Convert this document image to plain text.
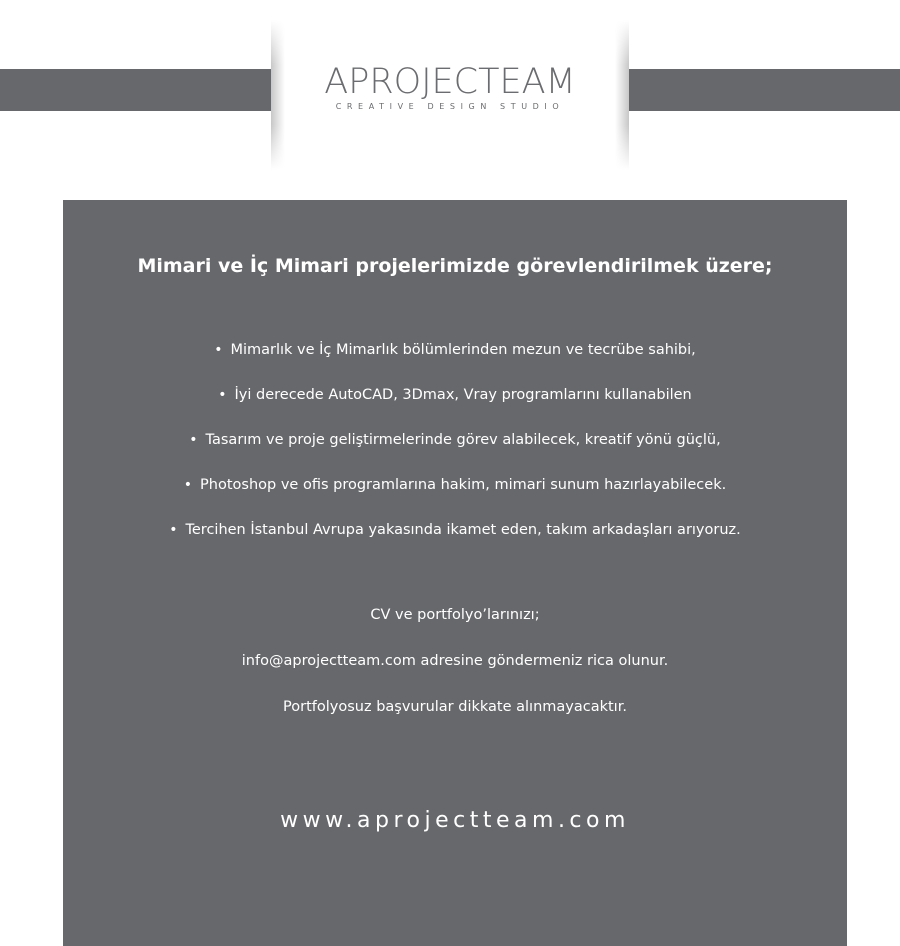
APROJECTEAM
CREATIVE DESIGN STUDIO
Mimari ve İç Mimari projelerimizde görevlendirilmek üzere;
• Mimarlık ve İç Mimarlık bölümlerinden mezun ve tecrübe sahibi,
• İyi derecede AutoCAD, 3Dmax, Vray programlarını kullanabilen
• Tasarım ve proje geliştirmelerinde görev alabilecek, kreatif yönü güçlü,
• Photoshop ve ofis programlarına hakim, mimari sunum hazırlayabilecek.
• Tercihen İstanbul Avrupa yakasında ikamet eden, takım arkadaşları arıyoruz.
CV ve portfolyo’larınızı;
info@aprojectteam.com adresine göndermeniz rica olunur.
Portfolyosuz başvurular dikkate alınmayacaktır.
www.aprojectteam.com
